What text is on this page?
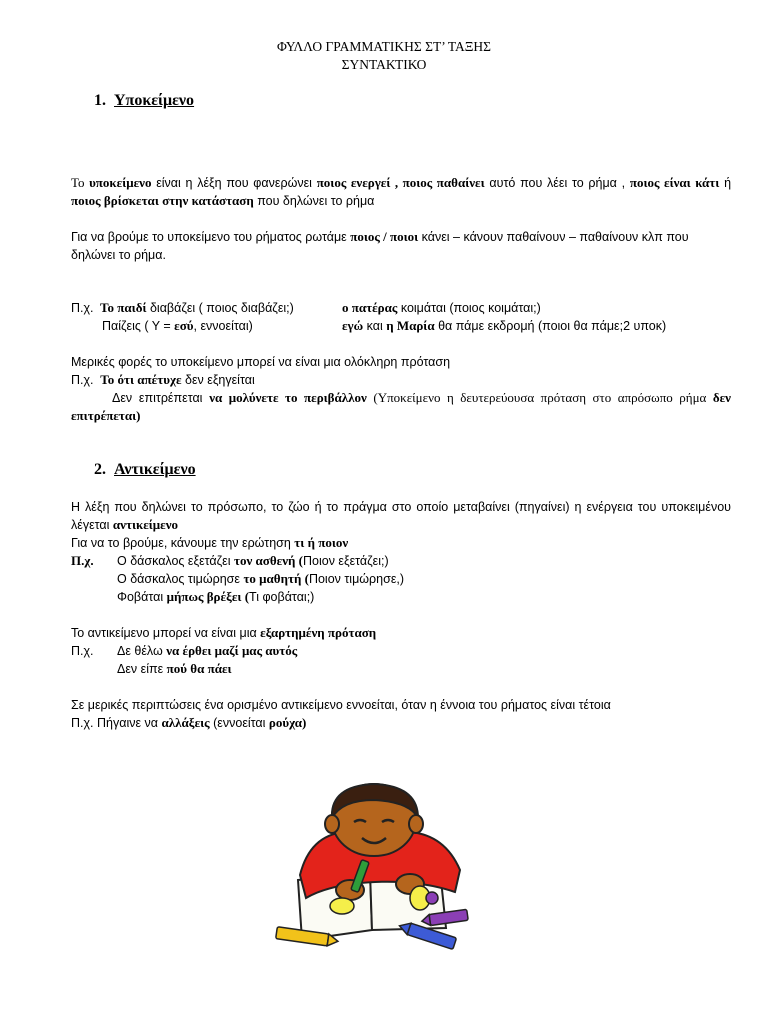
ΦΥΛΛΟ ΓΡΑΜΜΑΤΙΚΗΣ ΣΤ’ ΤΑΞΗΣ
ΣΥΝΤΑΚΤΙΚΟ
1. Υποκείμενο

Το υποκείμενο είναι η λέξη που φανερώνει ποιος ενεργεί , ποιος παθαίνει αυτό που λέει το ρήμα , ποιος είναι κάτι ή ποιος βρίσκεται στην κατάσταση που δηλώνει το ρήμα

Για να βρούμε το υποκείμενο του ρήματος ρωτάμε ποιος / ποιοι κάνει – κάνουν παθαίνουν – παθαίνουν κλπ που δηλώνει το ρήμα.

Π.χ. Το παιδί διαβάζει ( ποιος διαβάζει;)	ο πατέρας κοιμάται (ποιος κοιμάται;)
Παίζεις ( Υ = εσύ, εννοείται)	εγώ και η Μαρία θα πάμε εκδρομή (ποιοι θα πάμε;2 υποκ)
Μερικές φορές το υποκείμενο μπορεί να είναι μια ολόκληρη πρόταση
Π.χ.  Το ότι απέτυχε δεν εξηγείται

Δεν επιτρέπεται να μολύνετε το περιβάλλον (Υποκείμενο η δευτερεύουσα πρόταση στο απρόσωπο ρήμα δεν επιτρέπεται)

2. Αντικείμενο

Η λέξη που δηλώνει το πρόσωπο, το ζώο ή το πράγμα στο οποίο μεταβαίνει (πηγαίνει) η ενέργεια του υποκειμένου λέγεται αντικείμενο

Για να το βρούμε, κάνουμε την ερώτηση τι ή ποιον
Π.χ. Ο δάσκαλος εξετάζει τον ασθενή (Ποιον εξετάζει;)
Ο δάσκαλος τιμώρησε το μαθητή (Ποιον τιμώρησε,)
Φοβάται μήπως βρέξει (Τι φοβάται;)
Το αντικείμενο μπορεί να είναι μια εξαρτημένη πρόταση
Π.χ. Δε θέλω να έρθει μαζί μας αυτός
Δεν είπε πού θα πάει
Σε μερικές περιπτώσεις ένα ορισμένο αντικείμενο εννοείται, όταν η έννοια του ρήματος είναι τέτοια
Π.χ. Πήγαινε να αλλάξεις (εννοείται ρούχα)
